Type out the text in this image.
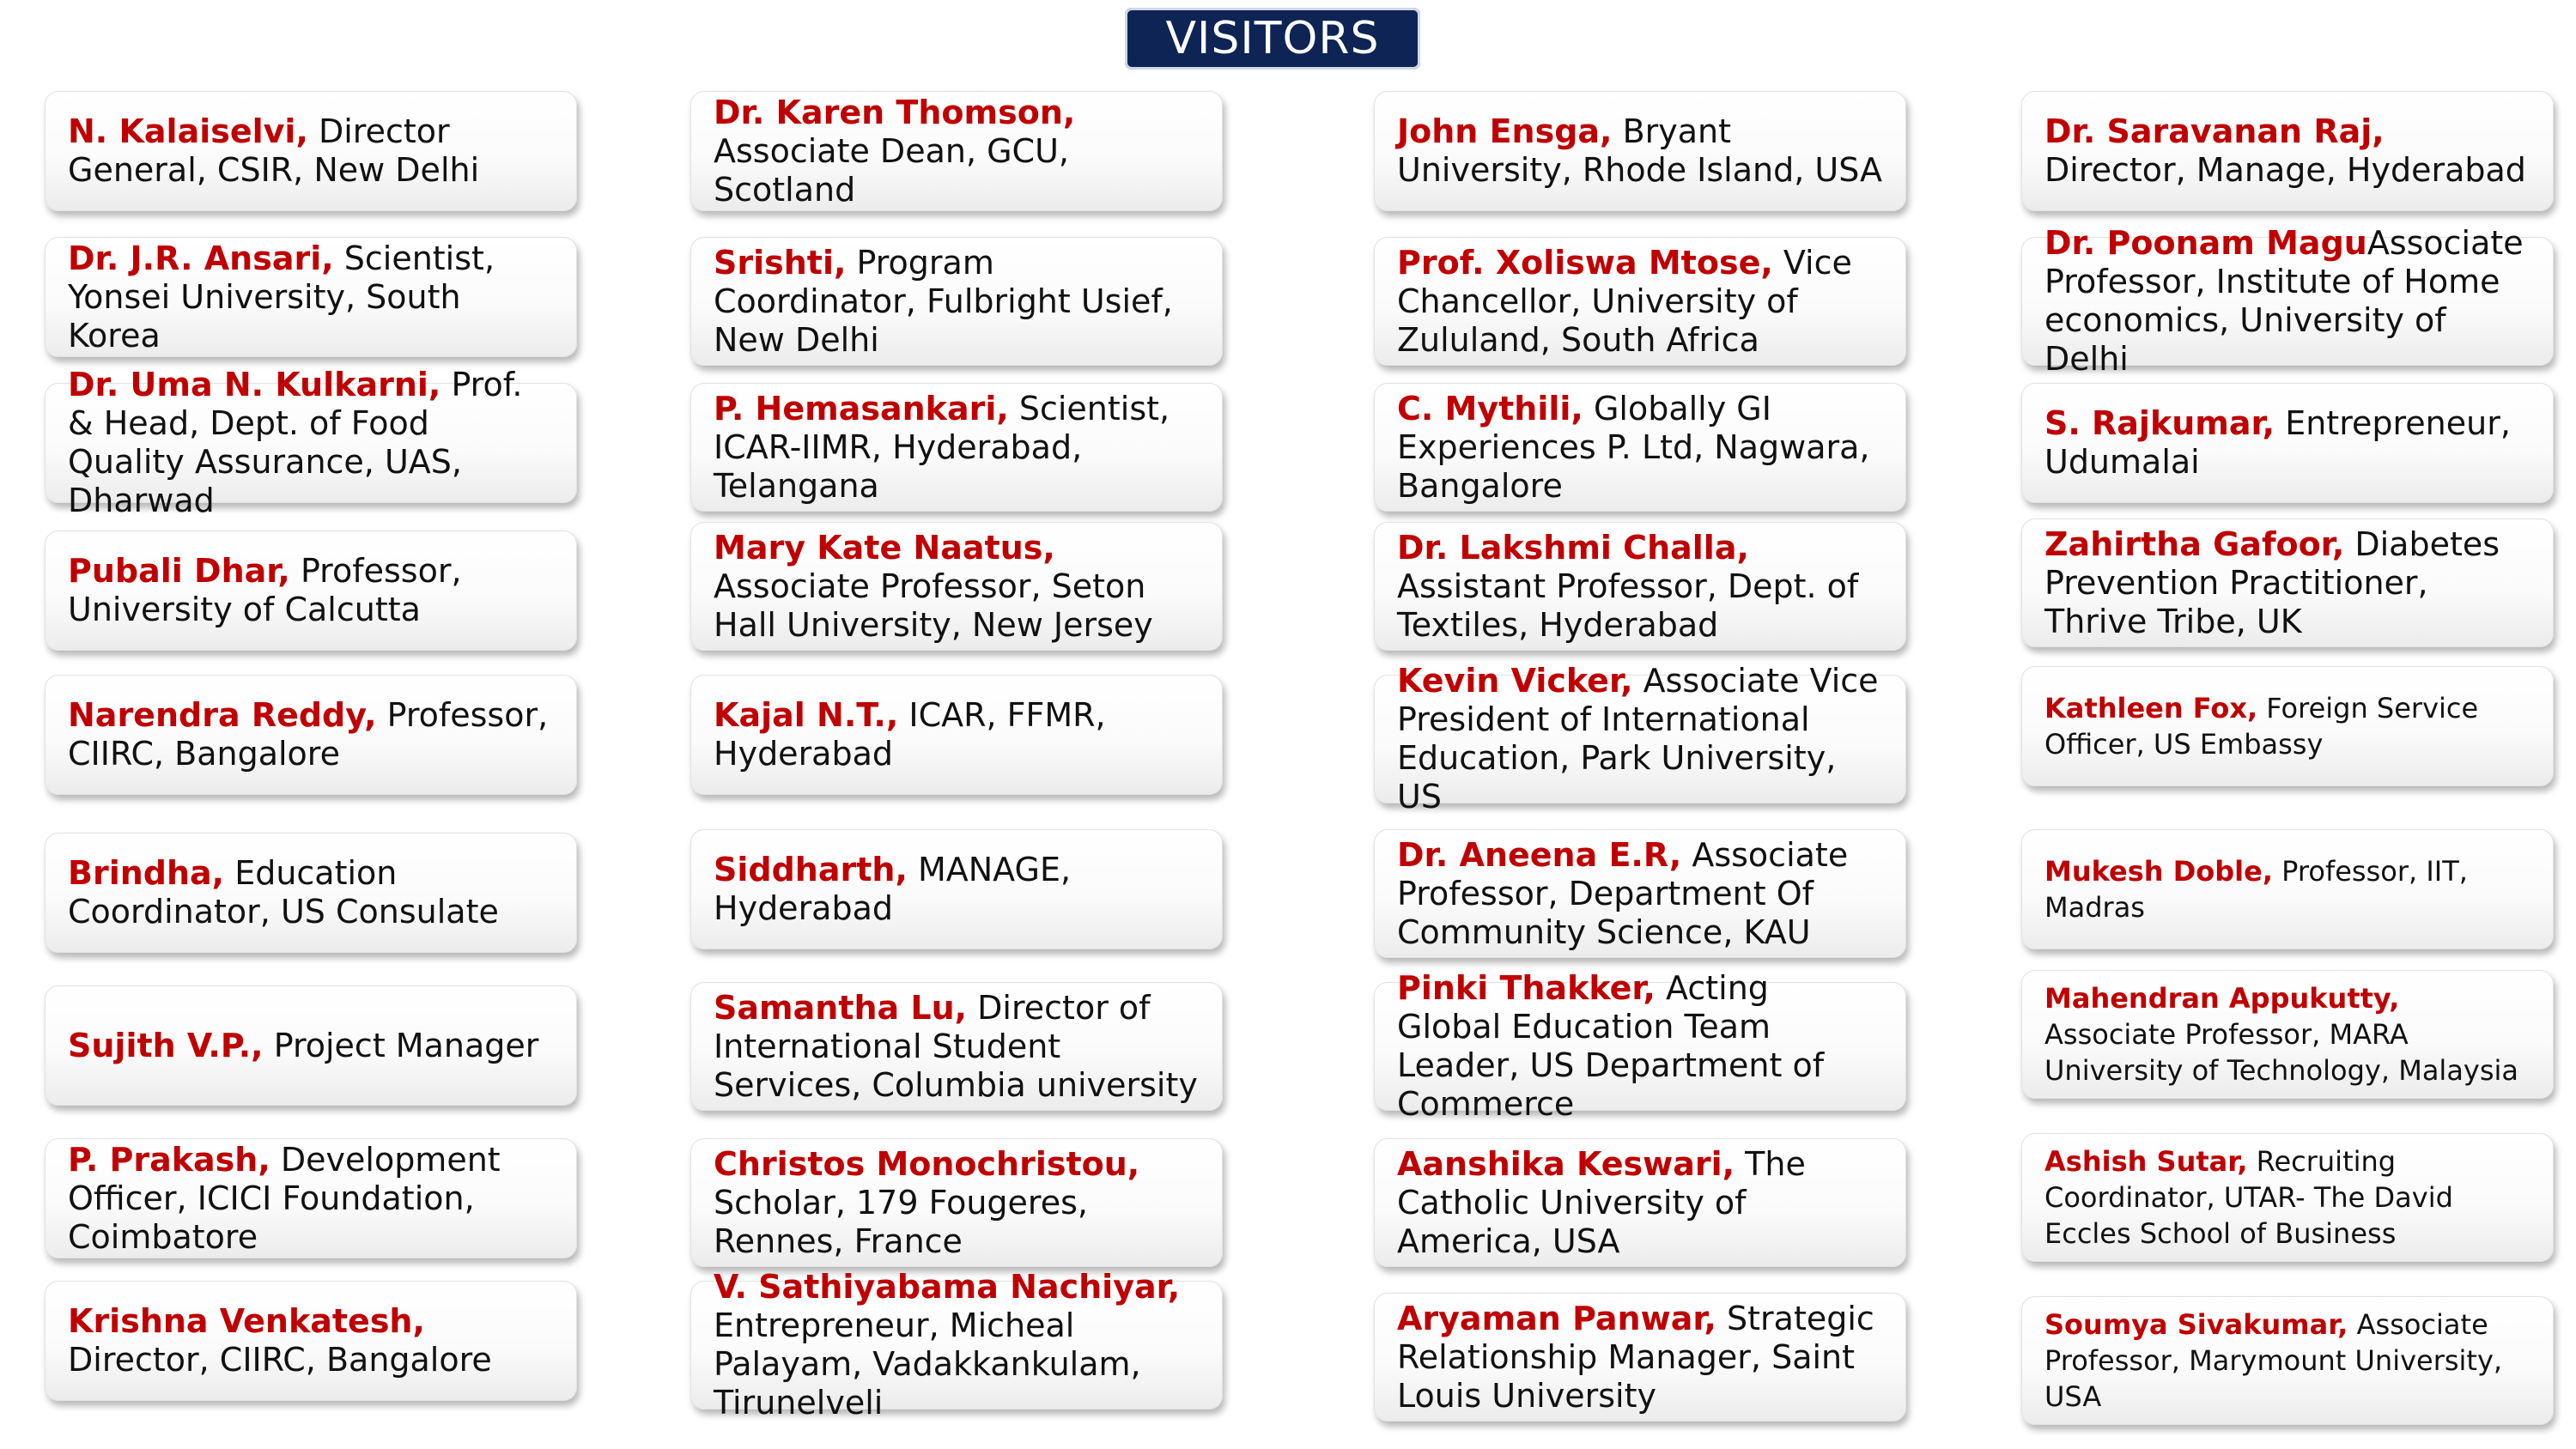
VISITORS
N. Kalaiselvi, Director General, CSIR, New Delhi
Dr. J.R. Ansari, Scientist, Yonsei University, South Korea
Dr. Uma N. Kulkarni, Prof. & Head, Dept. of Food Quality Assurance, UAS, Dharwad
Pubali Dhar, Professor, University of Calcutta
Narendra Reddy, Professor, CIIRC, Bangalore
Brindha, Education Coordinator, US Consulate
Sujith V.P., Project Manager
P. Prakash, Development Officer, ICICI Foundation, Coimbatore
Krishna Venkatesh, Director, CIIRC, Bangalore
Dr. Karen Thomson, Associate Dean, GCU, Scotland
Srishti, Program Coordinator, Fulbright Usief, New Delhi
P. Hemasankari, Scientist, ICAR-IIMR, Hyderabad, Telangana
Mary Kate Naatus, Associate Professor, Seton Hall University, New Jersey
Kajal N.T., ICAR, FFMR, Hyderabad
Siddharth, MANAGE, Hyderabad
Samantha Lu, Director of International Student Services, Columbia university
Christos Monochristou, Scholar, 179 Fougeres, Rennes, France
V. Sathiyabama Nachiyar, Entrepreneur, Micheal Palayam, Vadakkankulam, Tirunelveli
John Ensga, Bryant University, Rhode Island, USA
Prof. Xoliswa Mtose, Vice Chancellor, University of Zululand, South Africa
C. Mythili, Globally GI Experiences P. Ltd, Nagwara, Bangalore
Dr. Lakshmi Challa, Assistant Professor, Dept. of Textiles, Hyderabad
Kevin Vicker, Associate Vice President of International Education, Park University, US
Dr. Aneena E.R, Associate Professor, Department Of Community Science, KAU
Pinki Thakker, Acting Global Education Team Leader, US Department of Commerce
Aanshika Keswari, The Catholic University of America, USA
Aryaman Panwar, Strategic Relationship Manager, Saint Louis University
Dr. Saravanan Raj, Director, Manage, Hyderabad
Dr. Poonam MaguAssociate Professor, Institute of Home economics, University of Delhi
S. Rajkumar, Entrepreneur, Udumalai
Zahirtha Gafoor, Diabetes Prevention Practitioner, Thrive Tribe, UK
Kathleen Fox, Foreign Service Officer, US Embassy
Mukesh Doble, Professor, IIT, Madras
Mahendran Appukutty, Associate Professor, MARA University of Technology, Malaysia
Ashish Sutar, Recruiting Coordinator, UTAR- The David Eccles School of Business
Soumya Sivakumar, Associate Professor, Marymount University, USA
